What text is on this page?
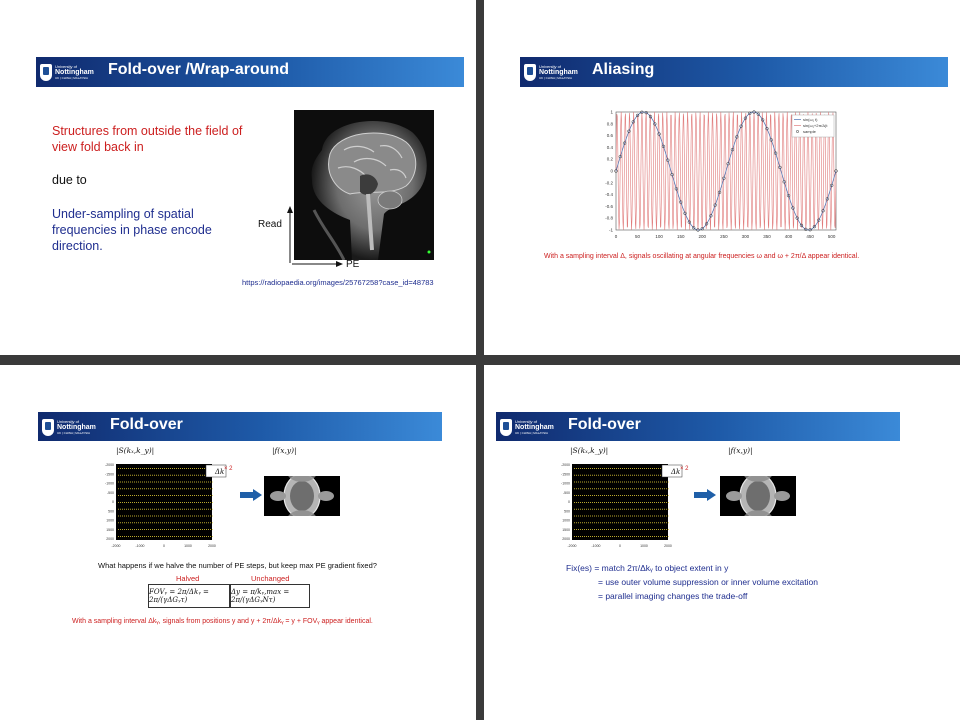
University of
Nottingham
UK | CHINA | MALAYSIA	Fold-over /Wrap-around
Structures from outside the field of view fold back in
due to
Under-sampling of spatial frequencies in phase encode direction.
Read
PE
https://radiopaedia.org/images/25767258?case_id=48783
University of
Nottingham
UK | CHINA | MALAYSIA	Aliasing
0	50	100	150	200	250	300	350	400	450	500
1
0.8
0.6
0.4
0.2
0
-0.2
-0.4
-0.6
-0.8
-1
sin(ω₁ t)
sin(ω₁+2π/Δ)t
sample
With a sampling interval Δ, signals oscillating at angular frequencies ω and ω + 2π/Δ appear identical.
University of
Nottingham
UK | CHINA | MALAYSIA	Fold-over
|S(kₓ,k_y)|	|f(x,y)|
Δk
-2000	-1000	0	1000	2000
-2000
-1500
-1000
-500
0
500
1000
1500
2000
× 2
What happens if we halve the number of PE steps, but keep max PE gradient fixed?
Halved	Unchanged
FOVᵧ = 2π/Δkᵧ = 2π/(γΔGᵧτ)
Δy = π/kᵧ,max = 2π/(γΔGᵧNτ)
With a sampling interval Δkᵧ, signals from positions y and y + 2π/Δkᵧ = y + FOVᵧ appear identical.
University of
Nottingham
UK | CHINA | MALAYSIA	Fold-over
|S(kₓ,k_y)|	|f(x,y)|
Δk
-2000	-1000	0	1000	2000
-2000
-1500
-1000
-500
0
500
1000
1500
2000
× 2
Fix(es) = match 2π/Δkᵧ to object extent in y
= use outer volume suppression or inner volume excitation
= parallel imaging changes the trade-off
